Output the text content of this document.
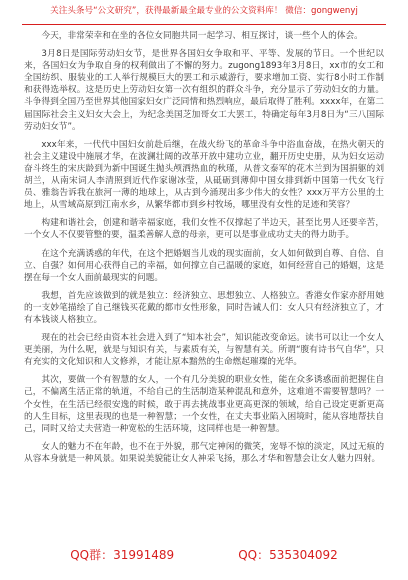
关注头条号“公文研究”，获得最新最全最专业的公文资料库！ 微信：gongwenyj

今天，非常荣幸和在坐的各位女同胞共同一起学习、相互探讨，谈一些个人的体会。

3月8日是国际劳动妇女节，是世界各国妇女争取和平、平等、发展的节日。一个世纪以来，各国妇女为争取自身的权利做出了不懈的努力。zugong1893年3月8日，xx市的女工和全国纺织、服装业的工人举行规模巨大的罢工和示威游行，要求增加工资、实行8小时工作制和获得选举权。这是历史上劳动妇女第一次有组织的群众斗争，充分显示了劳动妇女的力量。斗争得到全国乃至世界其他国家妇女广泛同情和热烈响应，最后取得了胜利。xxxx年，在第二届国际社会主义妇女大会上，为纪念美国芝加哥女工大罢工，特确定每年3月8日为“三八国际劳动妇女节”。

xxx年来，一代代中国妇女前赴后继，在战火纷飞的革命斗争中浴血奋战，在热火朝天的社会主义建设中施展才华，在波澜壮阔的改革开放中建功立业，翻开历史史册，从为妇女运动奋斗终生的宋庆龄到为新中国诞生抛头颅洒热血的秋瑾，从普文泰军的花木兰到为国捐躯的刘胡兰，从南宋词人李清照到近代作家谢冰莹，从砥砺到薄仰中国女排到新中国第一代女飞行员、雅翁告诉我在旅河一薄的地球上，从古到今涌现出多少伟大的女性？xxx万平方公里的土地上，从雪域高原到江南水乡，从繁华都市到乡村牧场，哪里没有女性的足迹和笑容？

构建和谐社会，创建和谐幸福家庭，我们女性不仅撑起了半边天，甚至比男人还要辛苦，一个女人不仅要管整的要，温柔善解人意的母亲，更可以是事业成功丈夫的得力助手。

在这个充满诱惑的年代，在这个把婚姻当儿戏的现实面前，女人如何做到自尊、自信、自立、自强？如何用心获得自己的幸福，如何撑立自己温暖的家庭，如何经营自己的婚姻，这是摆在每一个女人面前最现实的问题。

我想，首先应该做到的就是独立：经济独立、思想独立、人格独立。香港女作家亦舒用她的一支妙笔描绘了自己继钱买花戴的都市女性形象，同时告诫人们：女人只有经济独立了，才有本钱谈人格独立。

现在的社会已经由资本社会进入到了“知本社会”，知识能改变命运。读书可以让一个女人更美丽，为什么呢，就是与知识有关，与素质有关，与智慧有关。所谓“腹有诗书气自华”，只有充实的文化知识和人文修养，才能让原本黯然的生命燃起璀璨的光华。

其次，要做一个有智慧的女人，一个有几分美貌的职业女性，能在众多诱惑面前把握住自己，不偏离生活正常的轨道，不给自己的生活制造某种混乱和意外，这难道不需要智慧吗？一个女性，在生活已经很安逸的时候，敢于再去挑战事业更高更深的领域，给自己设定更新更高的人生目标，这里表现的也是一种智慧；一个女性，在丈夫事业陷入困境时，能从容地帮扶自己，同时又给丈夫营造一种宽松的生活环境，这同样也是一种智慧。

女人的魅力不在年龄，也不在于外貌，那气定神闲的微笑，宠辱不惊的淡定，风过无痕的从容本身就是一种风景。如果说美貌能让女人神采飞扬，那么才华和智慧会让女人魅力四射。

QQ群：31991489	QQ：535304092
